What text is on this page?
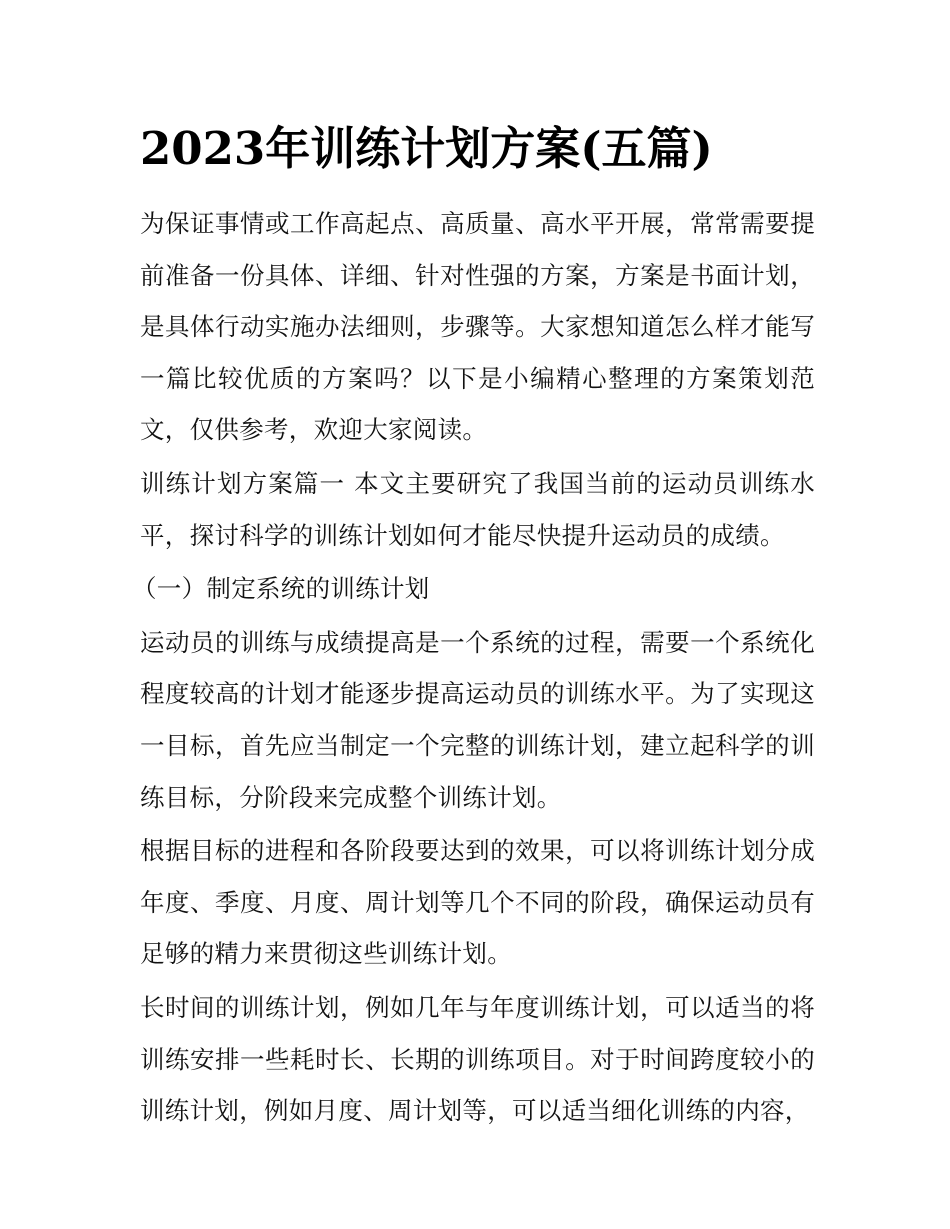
2023年训练计划方案(五篇)

为保证事情或工作高起点、高质量、高水平开展，常常需要提前准备一份具体、详细、针对性强的方案，方案是书面计划，是具体行动实施办法细则，步骤等。大家想知道怎么样才能写一篇比较优质的方案吗？以下是小编精心整理的方案策划范文，仅供参考，欢迎大家阅读。

训练计划方案篇一 本文主要研究了我国当前的运动员训练水平，探讨科学的训练计划如何才能尽快提升运动员的成绩。

（一）制定系统的训练计划

运动员的训练与成绩提高是一个系统的过程，需要一个系统化程度较高的计划才能逐步提高运动员的训练水平。为了实现这一目标，首先应当制定一个完整的训练计划，建立起科学的训练目标，分阶段来完成整个训练计划。

根据目标的进程和各阶段要达到的效果，可以将训练计划分成年度、季度、月度、周计划等几个不同的阶段，确保运动员有足够的精力来贯彻这些训练计划。

长时间的训练计划，例如几年与年度训练计划，可以适当的将训练安排一些耗时长、长期的训练项目。对于时间跨度较小的训练计划，例如月度、周计划等，可以适当细化训练的内容，
